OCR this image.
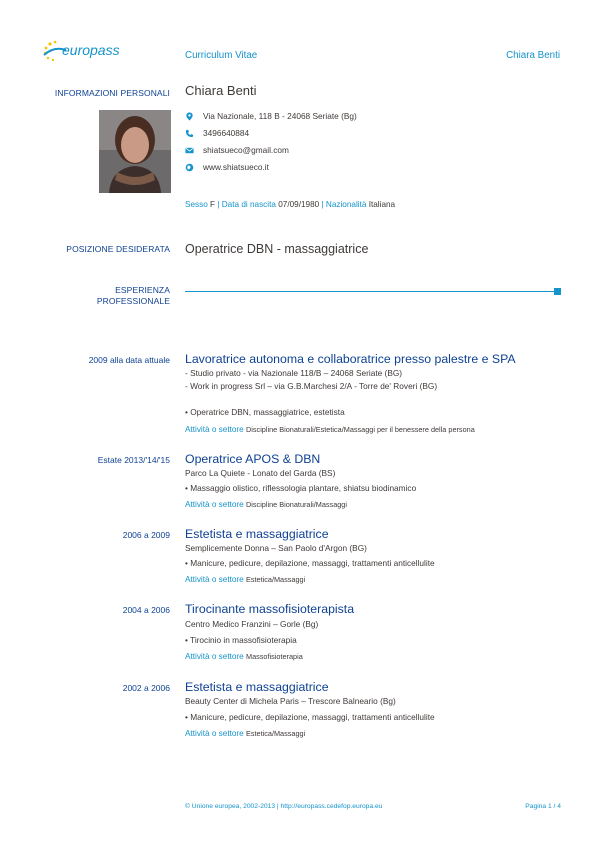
europass	Curriculum Vitae	Chiara Benti
INFORMAZIONI PERSONALI Chiara Benti
Via Nazionale, 118 B - 24068 Seriate (Bg)
3496640884
shiatsueco@gmail.com
www.shiatsueco.it
Sesso F | Data di nascita 07/09/1980 | Nazionalità Italiana
POSIZIONE DESIDERATA Operatrice DBN - massaggiatrice
ESPERIENZA
PROFESSIONALE
2009 alla data attuale Lavoratrice autonoma e collaboratrice presso palestre e SPA
- Studio privato - via Nazionale 118/B – 24068 Seriate (BG)
- Work in progress Srl – via G.B.Marchesi 2/A - Torre de' Roveri (BG)
• Operatrice DBN, massaggiatrice, estetista
Attività o settore Discipline Bionaturali/Estetica/Massaggi per il benessere della persona
Estate 2013/'14/'15 Operatrice APOS & DBN
Parco La Quiete - Lonato del Garda (BS)
• Massaggio olistico, riflessologia plantare, shiatsu biodinamico
Attività o settore Discipline Bionaturali/Massaggi
2006 a 2009 Estetista e massaggiatrice
Semplicemente Donna – San Paolo d'Argon (BG)
• Manicure, pedicure, depilazione, massaggi, trattamenti anticellulite
Attività o settore Estetica/Massaggi
2004 a 2006 Tirocinante massofisioterapista
Centro Medico Franzini – Gorle (Bg)
• Tirocinio in massofisioterapia
Attività o settore Massofisioterapia
2002 a 2006 Estetista e massaggiatrice
Beauty Center di Michela Paris – Trescore Balneario (Bg)
• Manicure, pedicure, depilazione, massaggi, trattamenti anticellulite
Attività o settore Estetica/Massaggi
© Unione europea, 2002-2013 | http://europass.cedefop.europa.eu	Pagina 1 / 4
